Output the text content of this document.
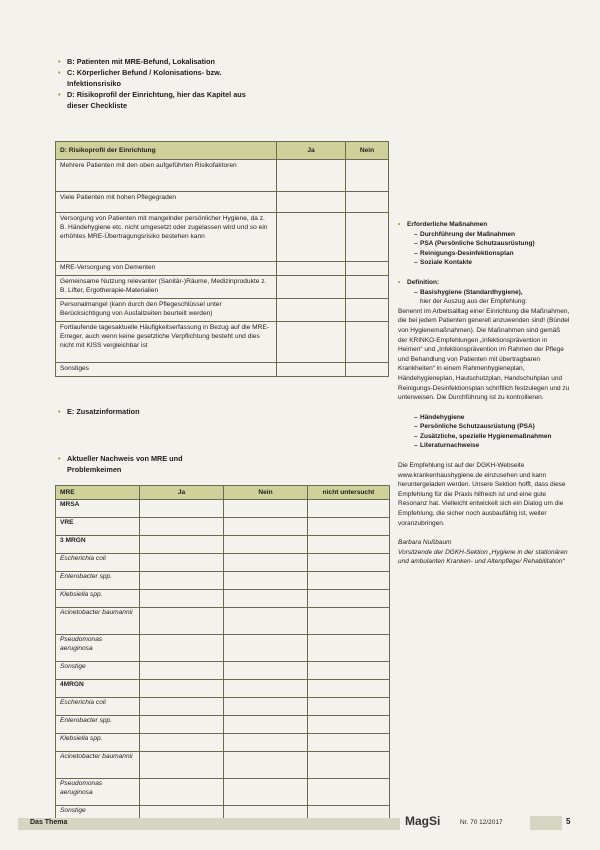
• B: Patienten mit MRE-Befund, Lokalisation
• C: Körperlicher Befund / Kolonisations- bzw. Infektionsrisiko
• D: Risikoprofil der Einrichtung, hier das Kapitel aus dieser Checkliste
D: Risikoprofil der Einrichtung	Ja	Nein
Mehrere Patienten mit den oben aufgeführten Risikofaktoren		
Viele Patienten mit hohen Pflegegraden		
Versorgung von Patienten mit mangelnder persönlicher Hygiene, da z. B. Händehygiene etc. nicht umgesetzt oder zugelassen wird und so ein erhöhtes MRE-Übertragungsrisiko bestehen kann		
MRE-Versorgung von Dementen		
Gemeinsame Nutzung relevanter (Sanitär-)Räume, Medizinprodukte z. B. Lifter, Ergotherapie-Materialien		
Personalmangel (kann durch den Pflegeschlüssel unter Berücksichtigung von Ausfallzeiten beurteilt werden)		
Fortlaufende tagesaktuelle Häufigkeitserfassung in Bezug auf die MRE-Erreger, auch wenn keine gesetzliche Verpflichtung besteht und dies nicht mit KISS vergleichbar ist		
Sonstiges		
• E: Zusatzinformation
• Aktueller Nachweis von MRE und Problemkeimen
MRE	Ja	Nein	nicht untersucht
MRSA			
VRE			
3 MRGN			
Escherichia coli			
Enterobacter spp.			
Klebsiella spp.			
Acinetobacter baumannii			
Pseudomonas aeruginosa			
Sonstige			
4MRGN			
Escherichia coli			
Enterobacter spp.			
Klebsiella spp.			
Acinetobacter baumannii			
Pseudomonas aeruginosa			
Sonstige			
• Erforderliche Maßnahmen
– Durchführung der Maßnahmen
– PSA (Persönliche Schutzausrüstung)
– Reinigungs-Desinfektionsplan
– Soziale Kontakte
• Definition:
– Basishygiene (Standardhygiene),

hier der Auszug aus der Empfehlung:

Benennt im Arbeitsalltag einer Einrichtung die Maßnahmen, die bei jedem Patienten generell anzuwenden sind! (Bündel von Hygienemaßnahmen). Die Maßnahmen sind gemäß der KRINKO-Empfehlungen „Infektionsprävention in Heimen“ und „Infektionsprävention im Rahmen der Pflege und Behandlung von Patienten mit übertragbaren Krankheiten“ in einem Rahmenhygieneplan, Händehygieneplan, Hautschutzplan, Handschuhplan und Reinigungs-Desinfektionsplan schriftlich festzulegen und zu unterweisen. Die Durchführung ist zu kontrollieren.

– Händehygiene
– Persönliche Schutzausrüstung (PSA)
– Zusätzliche, spezielle Hygienemaßnahmen
– Literaturnachweise

Die Empfehlung ist auf der DGKH-Webseite www.krankenhaushygiene.de einzusehen und kann heruntergeladen werden. Unsere Sektion hofft, dass diese Empfehlung für die Praxis hilfreich ist und eine gute Resonanz hat. Vielleicht entwickelt sich ein Dialog um die Empfehlung, die sicher noch ausbaufähig ist, weiter voranzubringen.

Barbara Nußbaum

Vorsitzende der DGKH-Sektion „Hygiene in der stationären und ambulanten Kranken- und Altenpflege/ Rehabilitation“

Das Thema	MagSi	Nr. 70 12/2017	5
